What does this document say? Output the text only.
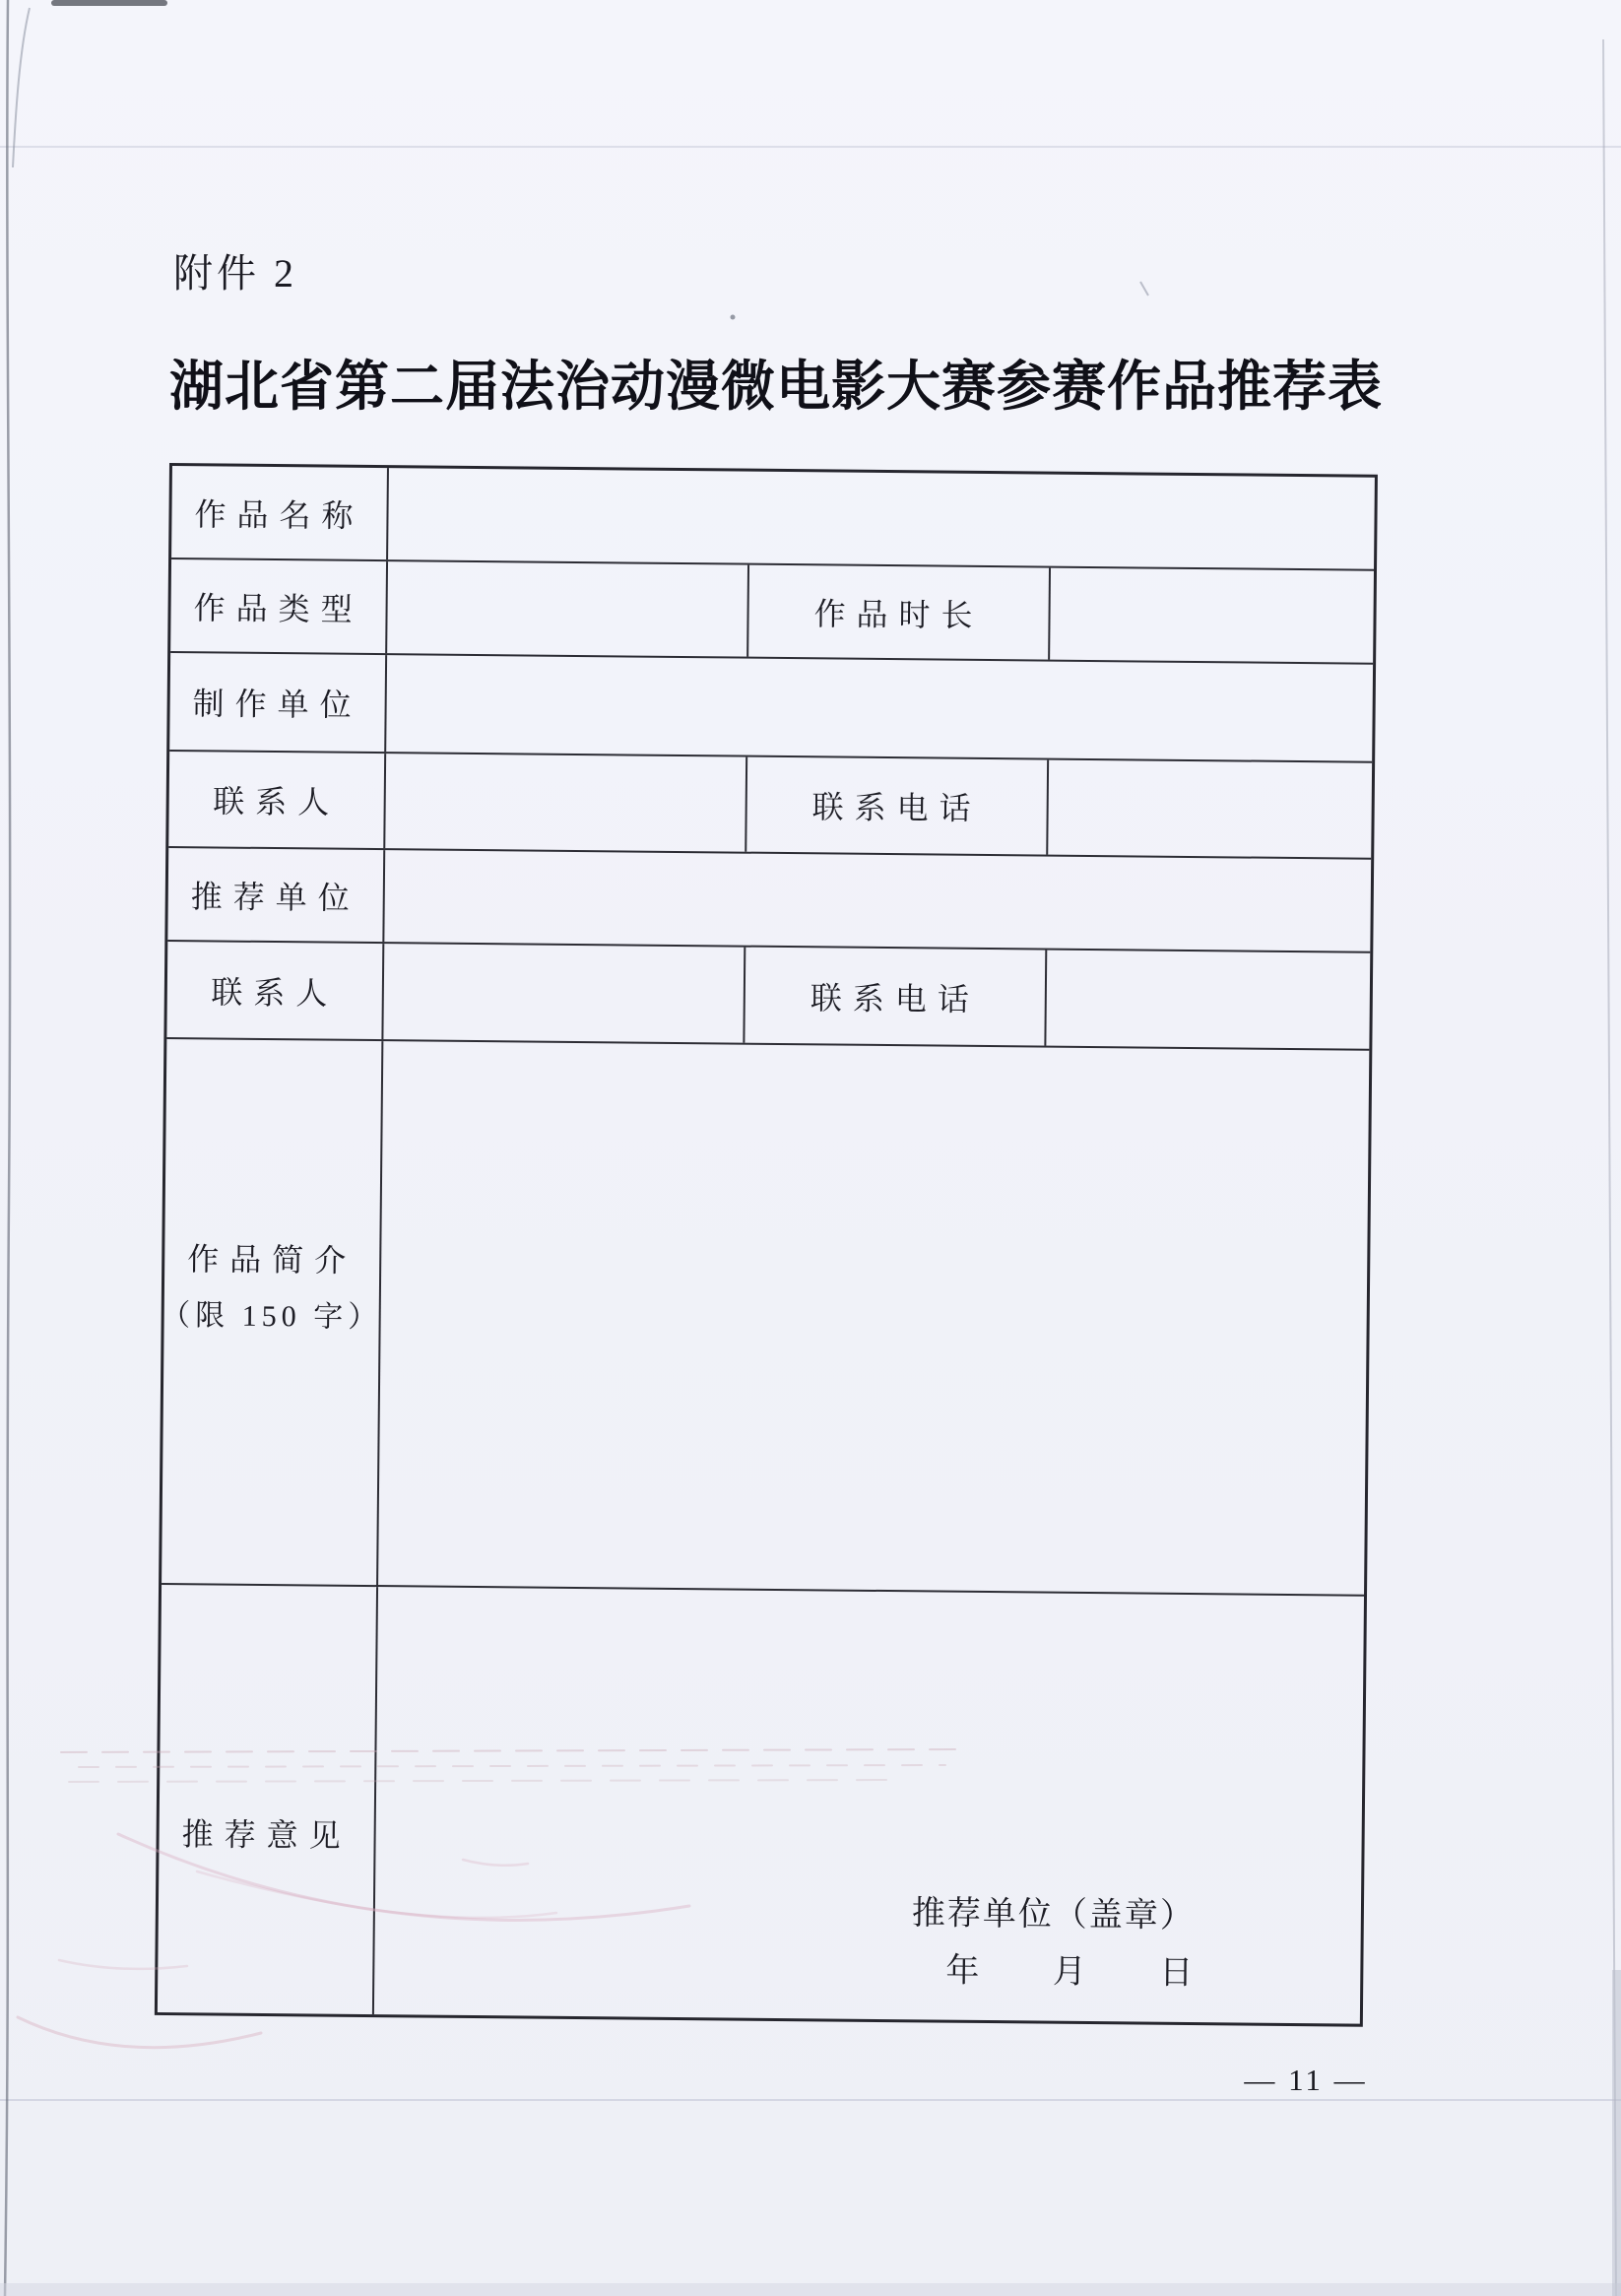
附件 2
湖北省第二届法治动漫微电影大赛参赛作品推荐表
作品名称
作品类型	作品时长
制作单位
联系人	联系电话
推荐单位
联系人	联系电话
作品简介
（限 150 字）
推荐意见
推荐单位（盖章）
年 月 日
— 11 —
